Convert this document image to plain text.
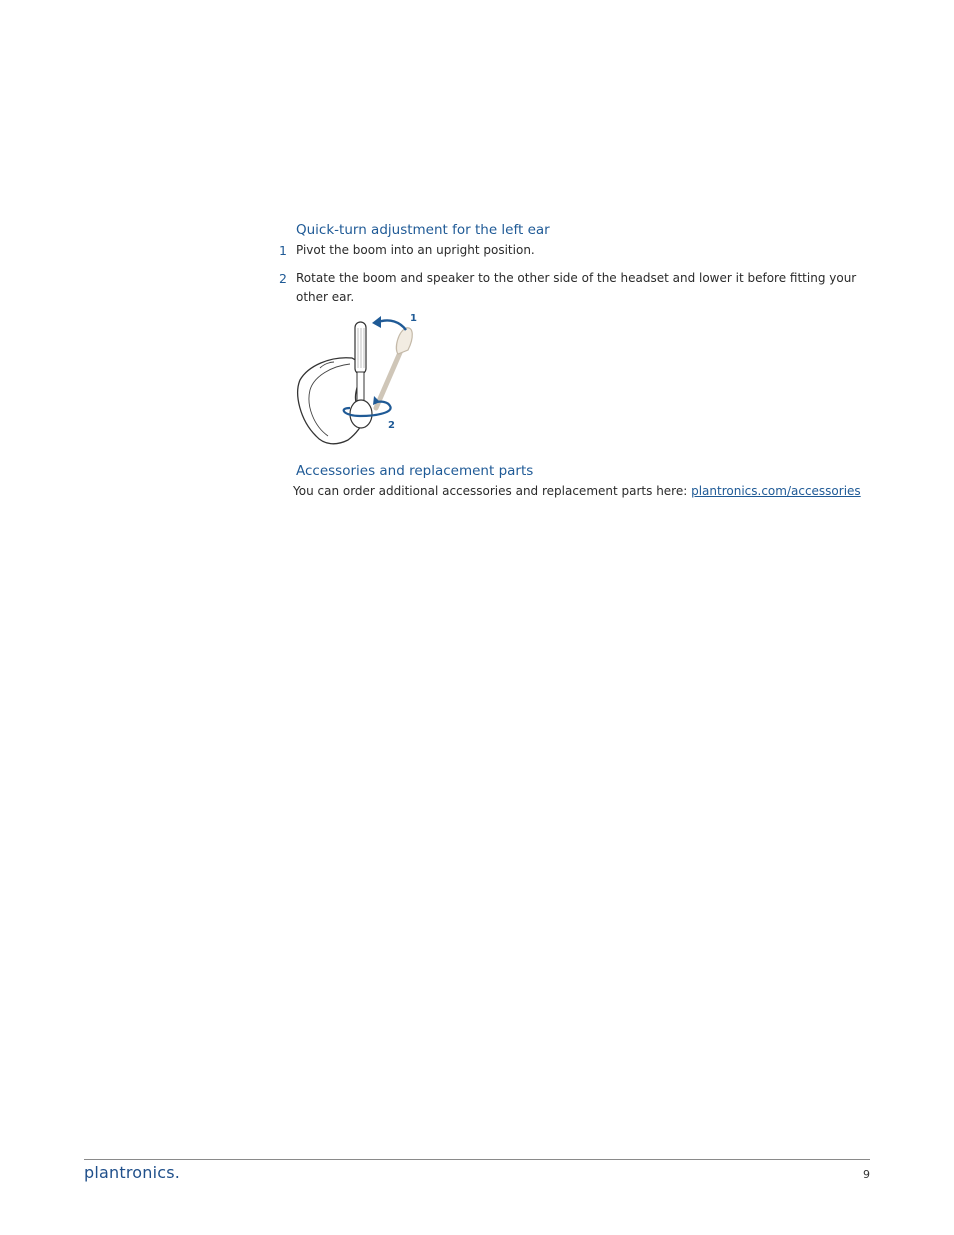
Quick-turn adjustment for the left ear
1 Pivot the boom into an upright position.
2 Rotate the boom and speaker to the other side of the headset and lower it before fitting your other ear.
1
2
Accessories and replacement parts
You can order additional accessories and replacement parts here: plantronics.com/accessories
plantronics.	9
